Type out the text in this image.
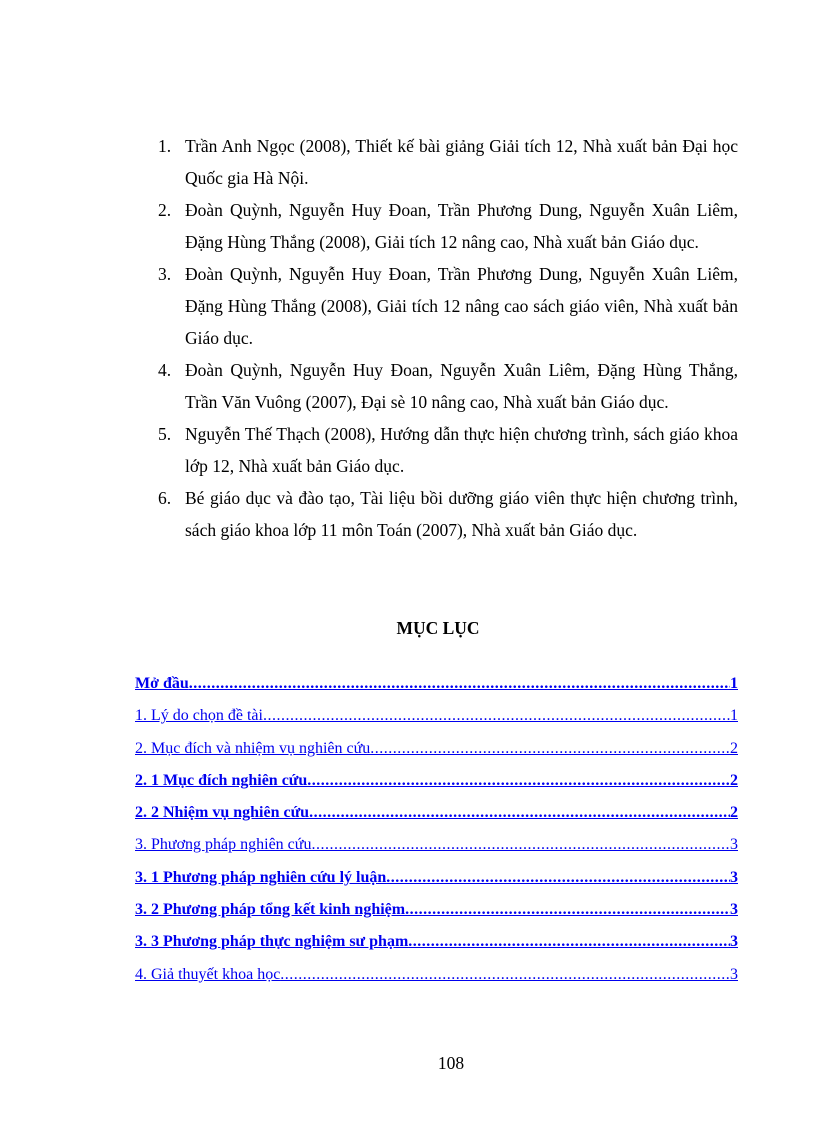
1. Trần Anh Ngọc (2008), Thiết kế bài giảng Giải tích 12, Nhà xuất bản Đại học Quốc gia Hà Nội.
2. Đoàn Quỳnh, Nguyễn Huy Đoan, Trần Phương Dung, Nguyễn Xuân Liêm, Đặng Hùng Thắng (2008), Giải tích 12 nâng cao, Nhà xuất bản Giáo dục.
3. Đoàn Quỳnh, Nguyễn Huy Đoan, Trần Phương Dung, Nguyễn Xuân Liêm, Đặng Hùng Thắng (2008), Giải tích 12 nâng cao sách giáo viên, Nhà xuất bản Giáo dục.
4. Đoàn Quỳnh, Nguyễn Huy Đoan, Nguyễn Xuân Liêm, Đặng Hùng Thắng, Trần Văn Vuông (2007), Đại sè 10 nâng cao, Nhà xuất bản Giáo dục.
5. Nguyễn Thế Thạch (2008), Hướng dẫn thực hiện chương trình, sách giáo khoa lớp 12, Nhà xuất bản Giáo dục.
6. Bé giáo dục và đào tạo, Tài liệu bồi dưỡng giáo viên thực hiện chương trình, sách giáo khoa lớp 11 môn Toán (2007), Nhà xuất bản Giáo dục.
MỤC LỤC
Mở đầu .....	1
1. Lý do chọn đề tài .....	1
2. Mục đích và nhiệm vụ nghiên cứu .....	2
2. 1 Mục đích nghiên cứu .....	2
2. 2 Nhiệm vụ nghiên cứu .....	2
3. Phương pháp nghiên cứu .....	3
3. 1 Phương pháp nghiên cứu lý luận .....	3
3. 2 Phương pháp tổng kết kinh nghiệm .....	3
3. 3 Phương pháp thực nghiệm sư phạm .....	3
4. Giả thuyết khoa học .....	3

108
